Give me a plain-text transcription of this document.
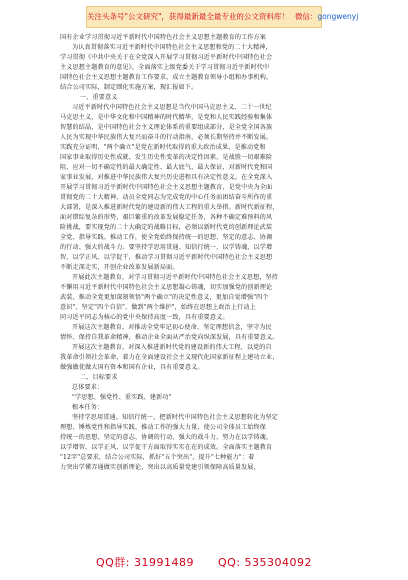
关注头条号"公文研究"，获得最新最全最专业的公文资料库！ 微信：gongwenyj
国有企业学习贯彻习近平新时代中国特色社会主义思想主题教育的工作方案
为认真贯彻落实习近平新时代中国特色社会主义思想和党的二十大精神，
学习贯彻《中共中央关于在全党深入开展学习贯彻习近平新时代中国特色社会
主义思想主题教育的意见》，全面落实上级党委关于学习贯彻习近平新时代中
国特色社会主义思想主题教育工作要求，成立主题教育领导小组和办事机构，
结合公司实际，制定细化实施方案，现汇报如下。
一、重要意义
习近平新时代中国特色社会主义思想是当代中国马克思主义、二十一世纪
马克思主义，是中华文化和中国精神的时代精华，是党和人民实践经验和集体
智慧的结晶，是中国特色社会主义理论体系的重要组成部分，是全党全国各族
人民为实现中华民族伟大复兴而奋斗的行动指南，必须长期坚持并不断发展。
实践充分证明，"两个确立"是党在新时代取得的重大政治成果，是推动党和
国家事业取得历史性成就、发生历史性变革的决定性因素，是战胜一切艰难险
阻、应对一切不确定性的最大确定性、最大底气、最大保证，对新时代党和国
家事业发展、对推进中华民族伟大复兴历史进程具有决定性意义。在全党深入
开展学习贯彻习近平新时代中国特色社会主义思想主题教育，是党中央为全面
贯彻党的二十大精神、动员全党同志为完成党的中心任务而团结奋斗所作的重
大部署，是深入推进新时代党的建设新的伟大工程的重大举措。新时代新征程，
面对错综复杂的形势，艰巨繁重的改革发展稳定任务，各种不确定难预料的风
险挑战，要实现党的二十大确定的战略目标，必须以新时代党的创新理论武装
全党、指导实践、推动工作，使全党始终保持统一的思想、坚定的意志、协调
的行动、强大的战斗力。要坚持学思用贯通、知信行统一，以学铸魂、以学增
智、以学正风、以学促干，推动学习贯彻习近平新时代中国特色社会主义思想
不断走深走实，开创企业改革发展新局面。
开展此次主题教育，对学习贯彻习近平新时代中国特色社会主义思想，坚持
不懈用习近平新时代中国特色社会主义思想凝心铸魂，切实加强党的创新理论
武装，推动全党更加深刻领悟"两个确立"的决定性意义，更加自觉增强"四个
意识"、坚定"四个自信"、做到"两个维护"，始终在思想上政治上行动上
同习近平同志为核心的党中央保持高度一致，具有重要意义。
开展这次主题教育，对推动全党牢记初心使命、坚定理想信念，坚守为民
情怀、保持自我革命精神，推动企业全面从严治党向纵深发展，具有重要意义。
开展这次主题教育，对深入推进新时代党的建设新的伟大工程，以党的自
我革命引领社会革命，着力在全面建设社会主义现代化国家新征程上建功立业，
做强做优做大国有资本和国有企业，具有重要意义。
二、目标要求
总体要求：
"学思想、强党性、重实践、建新功"
根本任务：
坚持学思用贯通、知信行统一，把新时代中国特色社会主义思想转化为坚定
理想、锤炼党性和指导实践、推动工作的强大力量，使公司全体员工始终保
持统一的思想、坚定的意志、协调的行动、强大的战斗力，努力在以学铸魂、
以学增智、以学正风、以学促干方面取得实实在在的成效。全面落实主题教育
"12字"总要求，结合公司实际，抓好"五个突出"，提升"七种能力"：着
力突出学懂弄通做实创新理论，突出以高质量党建引领保障高质量发展，
QQ群: 31991489 QQ: 535304092
